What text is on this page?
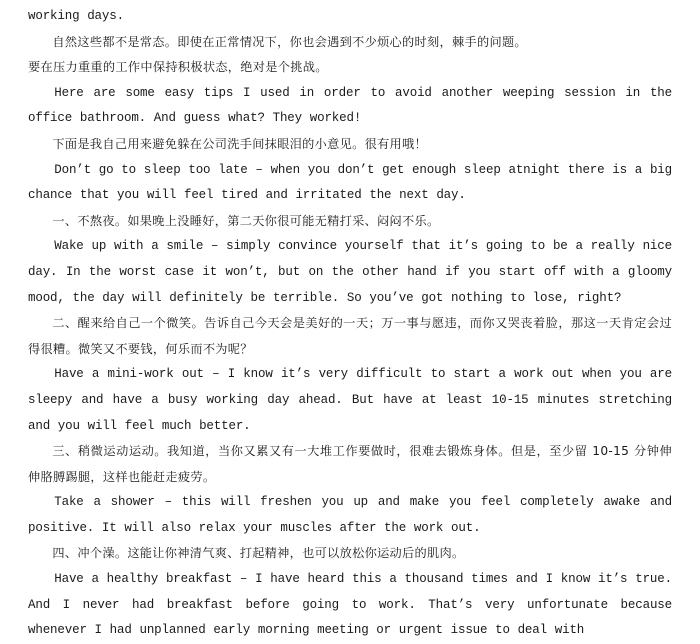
working days.

自然这些都不是常态。即使在正常情况下，你也会遇到不少烦心的时刻，棘手的问题。

要在压力重重的工作中保持积极状态，绝对是个挑战。

Here are some easy tips I used in order to avoid another weeping session in the office bathroom. And guess what? They worked!

下面是我自己用来避免躲在公司洗手间抹眼泪的小意见。很有用哦！

Don’t go to sleep too late – when you don’t get enough sleep atnight there is a big chance that you will feel tired and irritated the next day.

一、不熬夜。如果晚上没睡好，第二天你很可能无精打采、闷闷不乐。

Wake up with a smile – simply convince yourself that it’s going to be a really nice day. In the worst case it won’t, but on the other hand if you start off with a gloomy mood, the day will definitely be terrible. So you’ve got nothing to lose, right?

二、醒来给自己一个微笑。告诉自己今天会是美好的一天；万一事与愿违，而你又哭丧着脸，那这一天肯定会过得很糟。微笑又不要钱，何乐而不为呢？

Have a mini-work out – I know it’s very difficult to start a work out when you are sleepy and have a busy working day ahead. But have at least 10-15 minutes stretching and you will feel much better.

三、稍微运动运动。我知道，当你又累又有一大堆工作要做时，很难去锻炼身体。但是，至少留 10-15 分钟伸伸胳膊踢腿，这样也能赶走疲劳。

Take a shower – this will freshen you up and make you feel completely awake and positive. It will also relax your muscles after the work out.

四、冲个澡。这能让你神清气爽、打起精神，也可以放松你运动后的肌肉。

Have a healthy breakfast – I have heard this a thousand times and I know it’s true. And I never had breakfast before going to work. That’s very unfortunate because whenever I had unplanned early morning meeting or urgent issue to deal with
